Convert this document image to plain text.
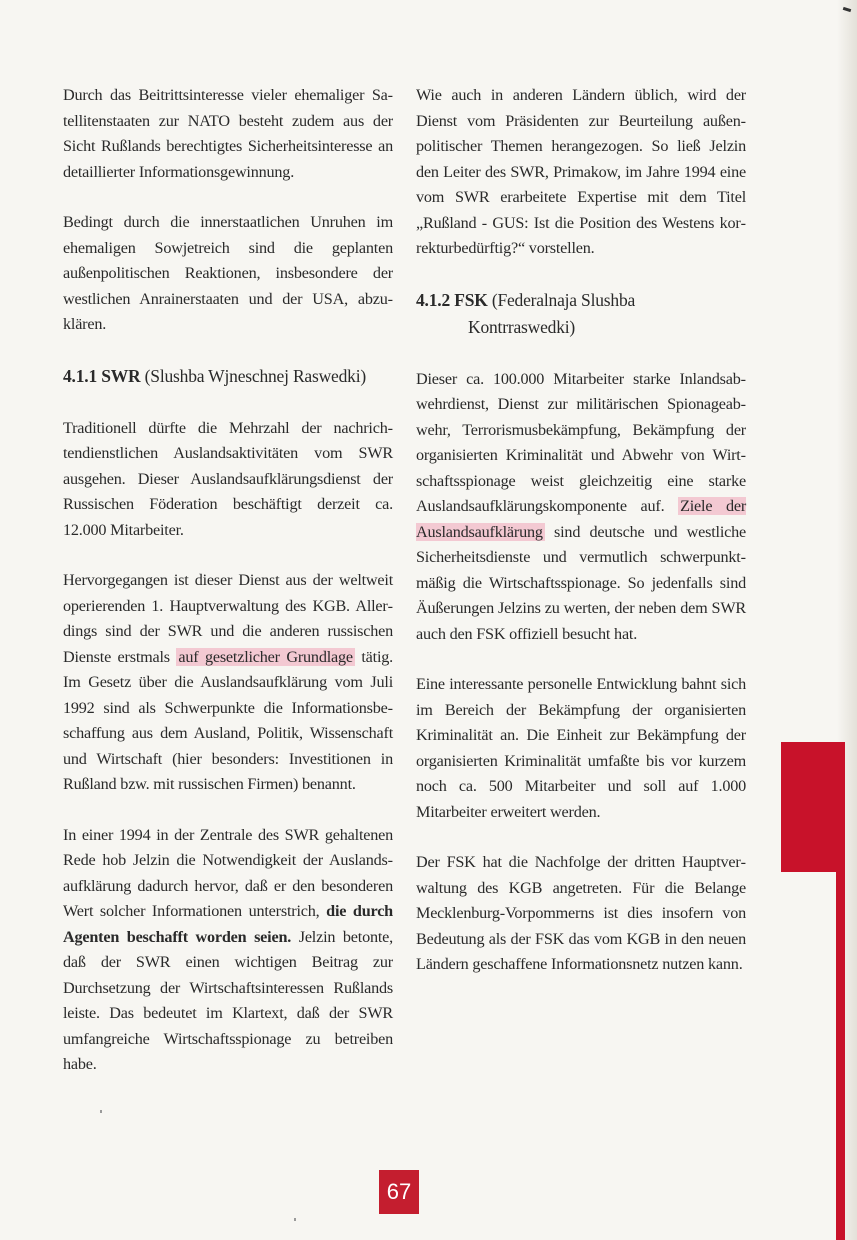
Durch das Beitrittsinteresse vieler ehemaliger Satellitenstaaten zur NATO besteht zudem aus der Sicht Rußlands berechtigtes Sicherheitsinteresse an detaillierter Informationsgewinnung.

Bedingt durch die innerstaatlichen Unruhen im ehemaligen Sowjetreich sind die geplanten außenpolitischen Reaktionen, insbesondere der westlichen Anrainerstaaten und der USA, abzuklären.

4.1.1 SWR (Slushba Wjneschnej Raswedki)

Traditionell dürfte die Mehrzahl der nachrichtendienstlichen Auslandsaktivitäten vom SWR ausgehen. Dieser Auslandsaufklärungsdienst der Russischen Föderation beschäftigt derzeit ca. 12.000 Mitarbeiter.

Hervorgegangen ist dieser Dienst aus der weltweit operierenden 1. Hauptverwaltung des KGB. Allerdings sind der SWR und die anderen russischen Dienste erstmals auf gesetzlicher Grundlage tätig. Im Gesetz über die Auslandsaufklärung vom Juli 1992 sind als Schwerpunkte die Informationsbeschaffung aus dem Ausland, Politik, Wissenschaft und Wirtschaft (hier besonders: Investitionen in Rußland bzw. mit russischen Firmen) benannt.

In einer 1994 in der Zentrale des SWR gehaltenen Rede hob Jelzin die Notwendigkeit der Auslandsaufklärung dadurch hervor, daß er den besonderen Wert solcher Informationen unterstrich, die durch Agenten beschafft worden seien. Jelzin betonte, daß der SWR einen wichtigen Beitrag zur Durchsetzung der Wirtschaftsinteressen Rußlands leiste. Das bedeutet im Klartext, daß der SWR umfangreiche Wirtschaftsspionage zu betreiben habe.

Wie auch in anderen Ländern üblich, wird der Dienst vom Präsidenten zur Beurteilung außenpolitischer Themen herangezogen. So ließ Jelzin den Leiter des SWR, Primakow, im Jahre 1994 eine vom SWR erarbeitete Expertise mit dem Titel „Rußland - GUS: Ist die Position des Westens korrekturbedürftig?“ vorstellen.

4.1.2 FSK (Federalnaja Slushba
Kontrraswedki)

Dieser ca. 100.000 Mitarbeiter starke Inlandsabwehrdienst, Dienst zur militärischen Spionageabwehr, Terrorismusbekämpfung, Bekämpfung der organisierten Kriminalität und Abwehr von Wirtschaftsspionage weist gleichzeitig eine starke Auslandsaufklärungskomponente auf. Ziele der Auslandsaufklärung sind deutsche und westliche Sicherheitsdienste und vermutlich schwerpunktmäßig die Wirtschaftsspionage. So jedenfalls sind Äußerungen Jelzins zu werten, der neben dem SWR auch den FSK offiziell besucht hat.

Eine interessante personelle Entwicklung bahnt sich im Bereich der Bekämpfung der organisierten Kriminalität an. Die Einheit zur Bekämpfung der organisierten Kriminalität umfaßte bis vor kurzem noch ca. 500 Mitarbeiter und soll auf 1.000 Mitarbeiter erweitert werden.

Der FSK hat die Nachfolge der dritten Hauptverwaltung des KGB angetreten. Für die Belange Mecklenburg-Vorpommerns ist dies insofern von Bedeutung als der FSK das vom KGB in den neuen Ländern geschaffene Informationsnetz nutzen kann.

67
